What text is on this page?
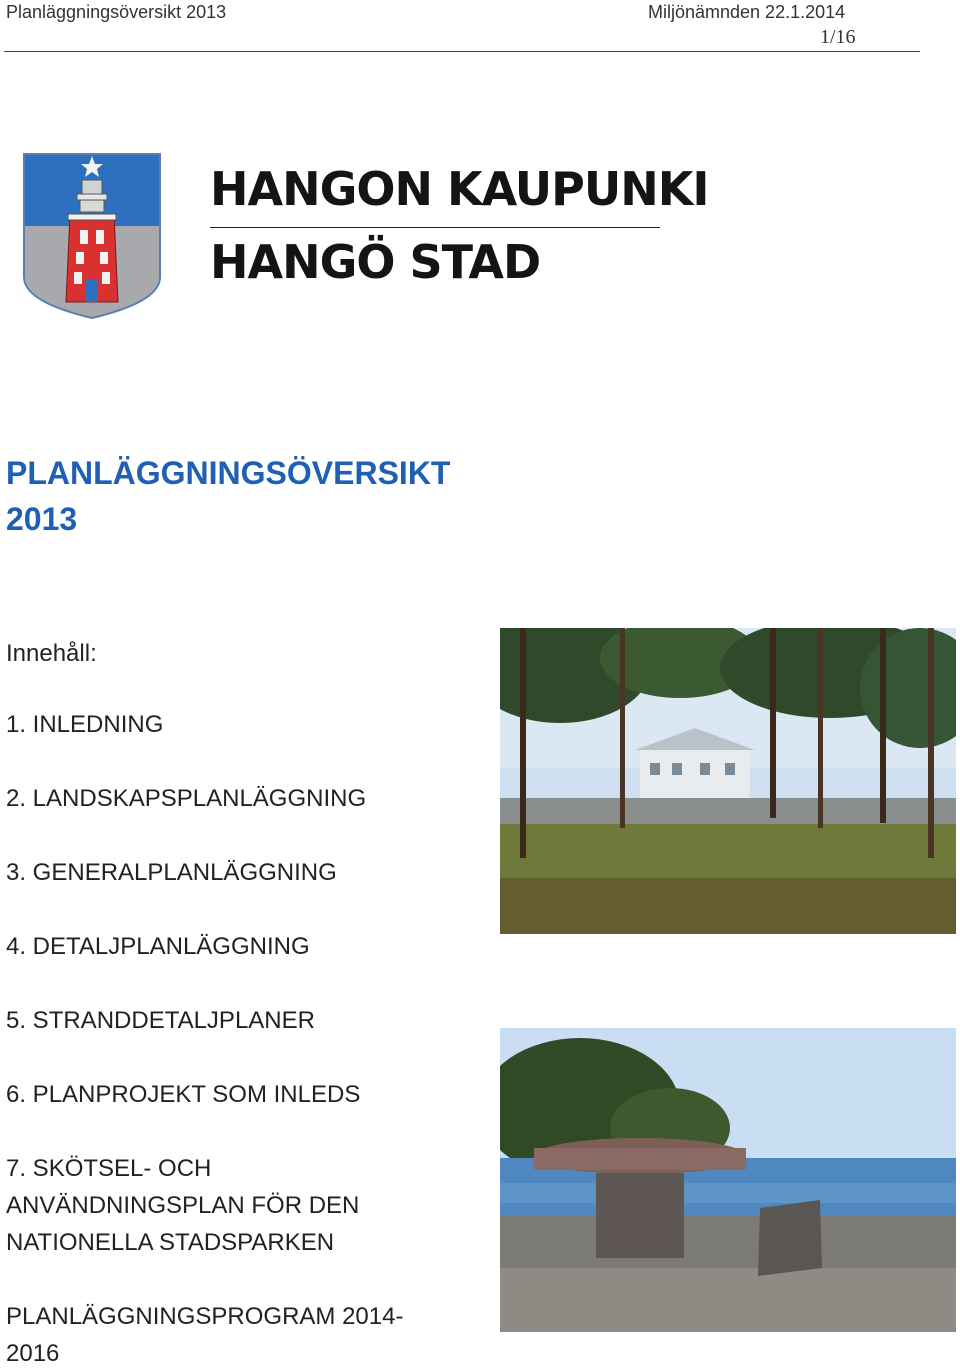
Planläggningsöversikt 2013	Miljönämnden 22.1.2014
1/16
HANGON KAUPUNKI
HANGÖ STAD
PLANLÄGGNINGSÖVERSIKT
2013
Innehåll:
1. INLEDNING
2. LANDSKAPSPLANLÄGGNING
3. GENERALPLANLÄGGNING
4. DETALJPLANLÄGGNING
5. STRANDDETALJPLANER
6. PLANPROJEKT SOM INLEDS
7. SKÖTSEL- OCH ANVÄNDNINGSPLAN FÖR DEN NATIONELLA STADSPARKEN
PLANLÄGGNINGSPROGRAM 2014-2016
